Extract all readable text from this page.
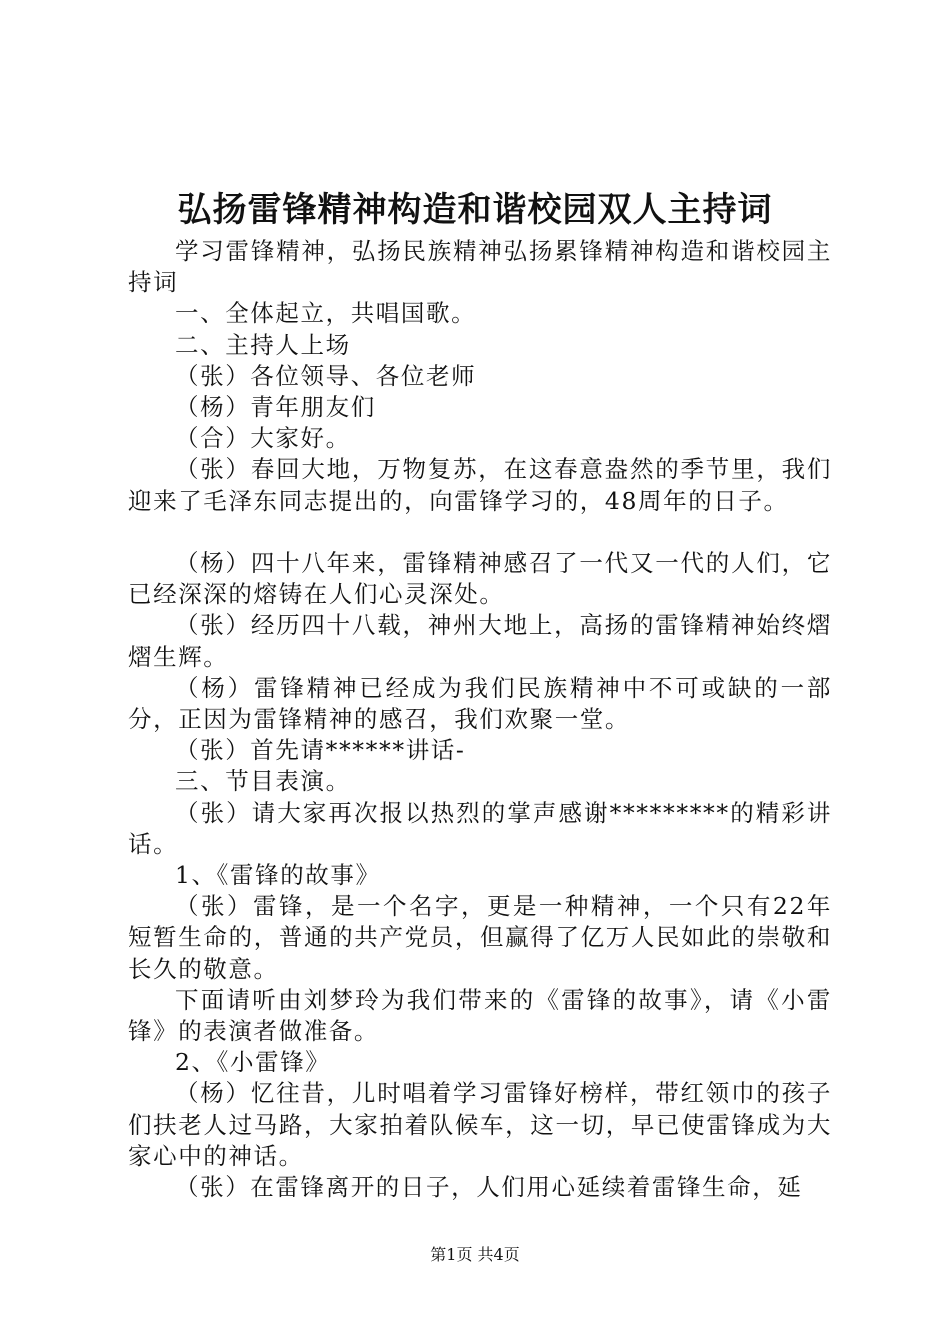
弘扬雷锋精神构造和谐校园双人主持词

学习雷锋精神，弘扬民族精神弘扬累锋精神构造和谐校园主持词

一、全体起立，共唱国歌。

二、主持人上场

（张）各位领导、各位老师

（杨）青年朋友们

（合）大家好。

（张）春回大地，万物复苏，在这春意盎然的季节里，我们迎来了毛泽东同志提出的，向雷锋学习的，48周年的日子。

（杨）四十八年来，雷锋精神感召了一代又一代的人们，它已经深深的熔铸在人们心灵深处。

（张）经历四十八载，神州大地上，高扬的雷锋精神始终熠熠生辉。

（杨）雷锋精神已经成为我们民族精神中不可或缺的一部分，正因为雷锋精神的感召，我们欢聚一堂。

（张）首先请******讲话-

三、节目表演。

（张）请大家再次报以热烈的掌声感谢*********的精彩讲话。

1、《雷锋的故事》

（张）雷锋，是一个名字，更是一种精神，一个只有22年短暂生命的，普通的共产党员，但赢得了亿万人民如此的崇敬和长久的敬意。

下面请听由刘梦玲为我们带来的《雷锋的故事》，请《小雷锋》的表演者做准备。

2、《小雷锋》

（杨）忆往昔，儿时唱着学习雷锋好榜样，带红领巾的孩子们扶老人过马路，大家拍着队候车，这一切，早已使雷锋成为大家心中的神话。

（张）在雷锋离开的日子，人们用心延续着雷锋生命，延

第1页 共4页
